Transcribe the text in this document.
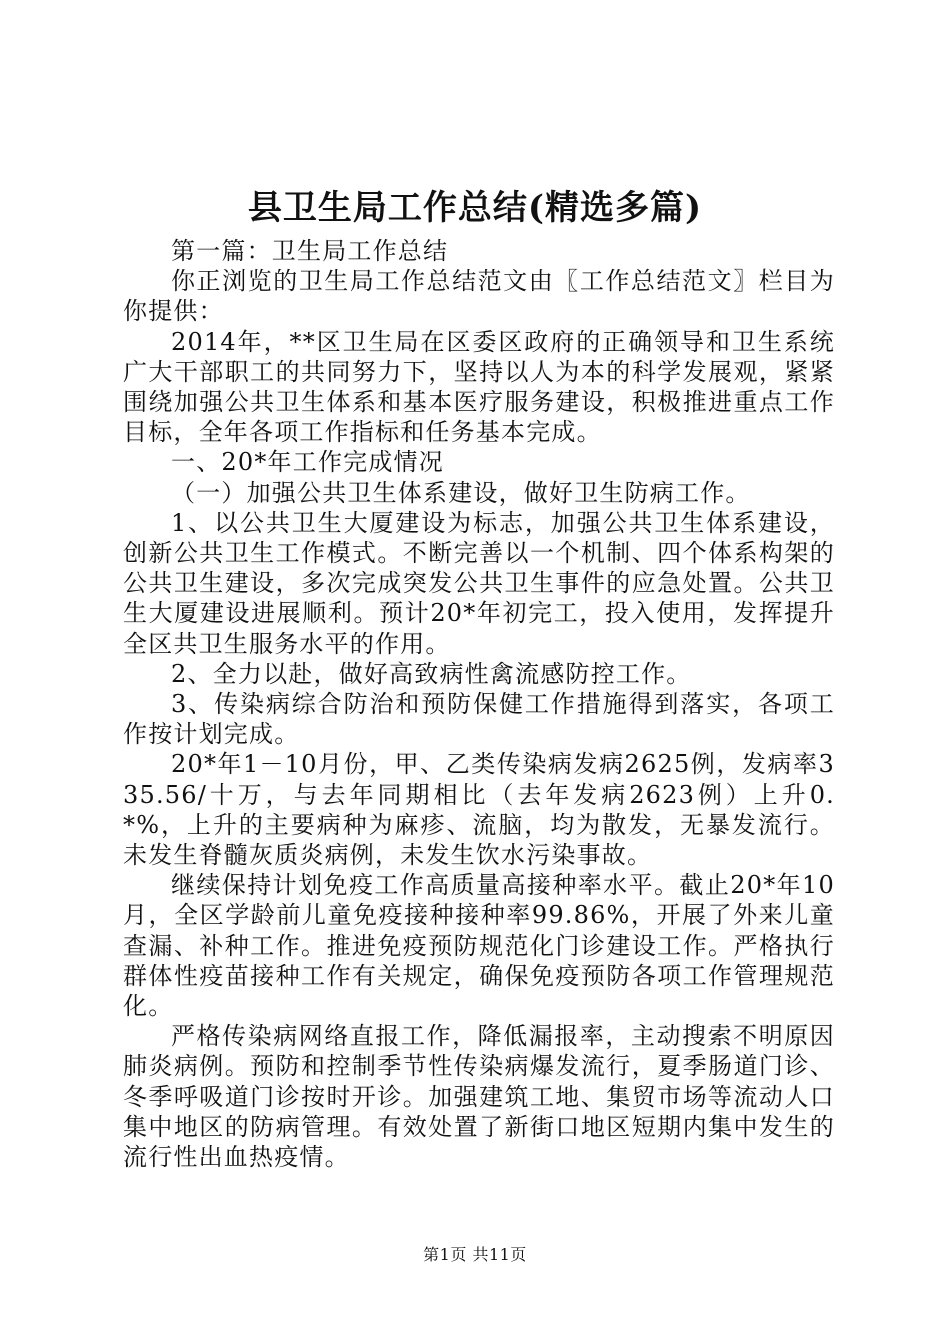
县卫生局工作总结(精选多篇)

第一篇：卫生局工作总结

你正浏览的卫生局工作总结范文由〖工作总结范文〗栏目为你提供：

2014年，**区卫生局在区委区政府的正确领导和卫生系统广大干部职工的共同努力下，坚持以人为本的科学发展观，紧紧围绕加强公共卫生体系和基本医疗服务建设，积极推进重点工作目标，全年各项工作指标和任务基本完成。

一、20*年工作完成情况

（一）加强公共卫生体系建设，做好卫生防病工作。

1、以公共卫生大厦建设为标志，加强公共卫生体系建设，创新公共卫生工作模式。不断完善以一个机制、四个体系构架的公共卫生建设，多次完成突发公共卫生事件的应急处置。公共卫生大厦建设进展顺利。预计20*年初完工，投入使用，发挥提升全区共卫生服务水平的作用。

2、全力以赴，做好高致病性禽流感防控工作。

3、传染病综合防治和预防保健工作措施得到落实，各项工作按计划完成。

20*年1－10月份，甲、乙类传染病发病2625例，发病率335.56/十万，与去年同期相比（去年发病2623例）上升0.*%，上升的主要病种为麻疹、流脑，均为散发，无暴发流行。未发生脊髓灰质炎病例，未发生饮水污染事故。

继续保持计划免疫工作高质量高接种率水平。截止20*年10月，全区学龄前儿童免疫接种接种率99.86%，开展了外来儿童查漏、补种工作。推进免疫预防规范化门诊建设工作。严格执行群体性疫苗接种工作有关规定，确保免疫预防各项工作管理规范化。

严格传染病网络直报工作，降低漏报率，主动搜索不明原因肺炎病例。预防和控制季节性传染病爆发流行，夏季肠道门诊、冬季呼吸道门诊按时开诊。加强建筑工地、集贸市场等流动人口集中地区的防病管理。有效处置了新街口地区短期内集中发生的流行性出血热疫情。

第1页 共11页
